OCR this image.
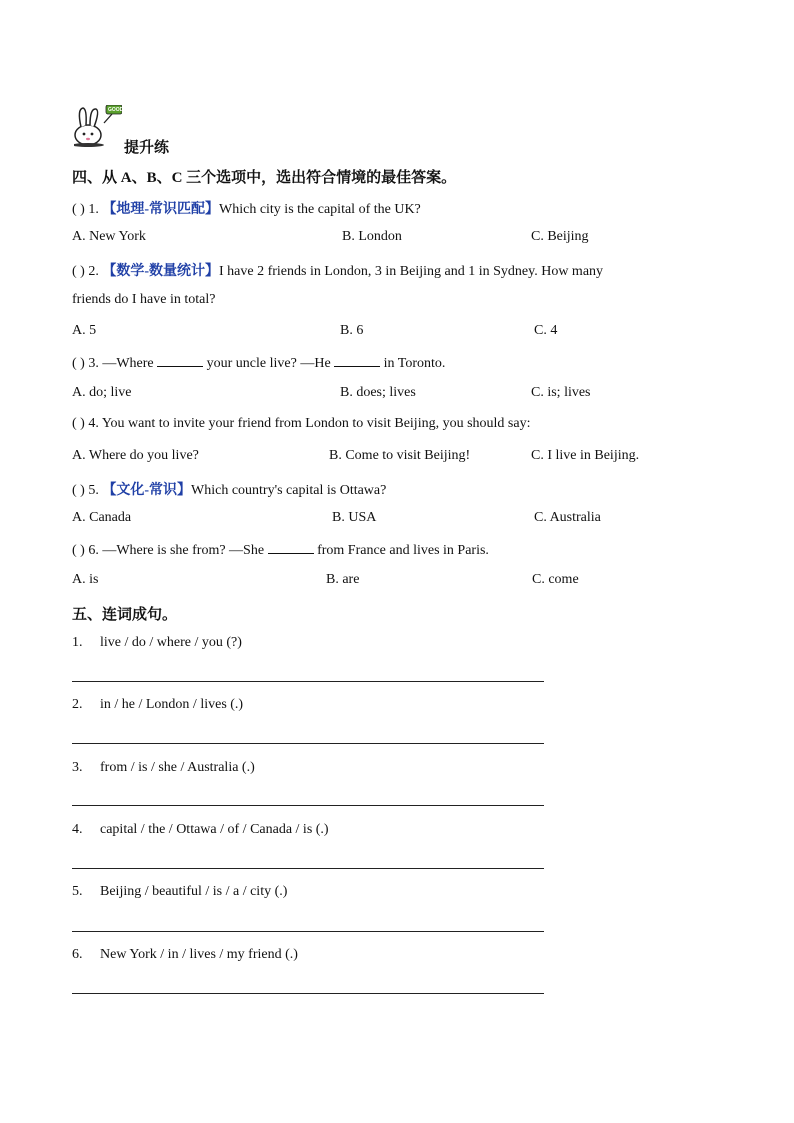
GOOD!
提升练
四、从 A、B、C 三个选项中，选出符合情境的最佳答案。
( ) 1. 【地理-常识匹配】Which city is the capital of the UK?
A. New York	B. London	C. Beijing
( ) 2. 【数学-数量统计】I have 2 friends in London, 3 in Beijing and 1 in Sydney. How many
friends do I have in total?
A. 5	B. 6	C. 4
( ) 3. —Where	your uncle live? —He	in Toronto.
A. do; live	B. does; lives	C. is; lives
( ) 4. You want to invite your friend from London to visit Beijing, you should say:
A. Where do you live?	B. Come to visit Beijing!	C. I live in Beijing.
( ) 5. 【文化-常识】Which country's capital is Ottawa?
A. Canada	B. USA	C. Australia
( ) 6. —Where is she from? —She	from France and lives in Paris.
A. is	B. are	C. come
五、连词成句。
1. live / do / where / you (?)
2. in / he / London / lives (.)
3. from / is / she / Australia (.)
4. capital / the / Ottawa / of / Canada / is (.)
5. Beijing / beautiful / is / a / city (.)
6. New York / in / lives / my friend (.)
